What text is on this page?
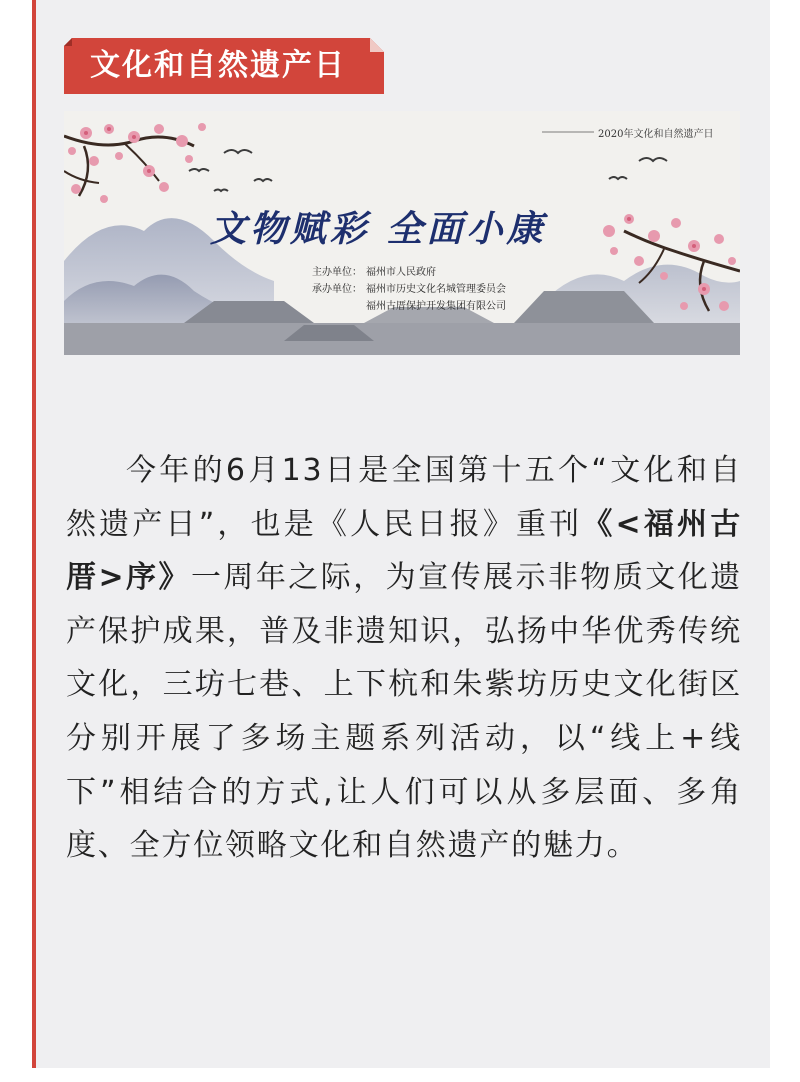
文化和自然遗产日
2020年文化和自然遗产日
文物赋彩 全面小康
主办单位： 福州市人民政府
承办单位： 福州市历史文化名城管理委员会
福州古厝保护开发集团有限公司

今年的6月13日是全国第十五个“文化和自然遗产日”，也是《人民日报》重刊《<福州古厝>序》一周年之际，为宣传展示非物质文化遗产保护成果，普及非遗知识，弘扬中华优秀传统文化，三坊七巷、上下杭和朱紫坊历史文化街区分别开展了多场主题系列活动，以“线上+线下”相结合的方式,让人们可以从多层面、多角度、全方位领略文化和自然遗产的魅力。
